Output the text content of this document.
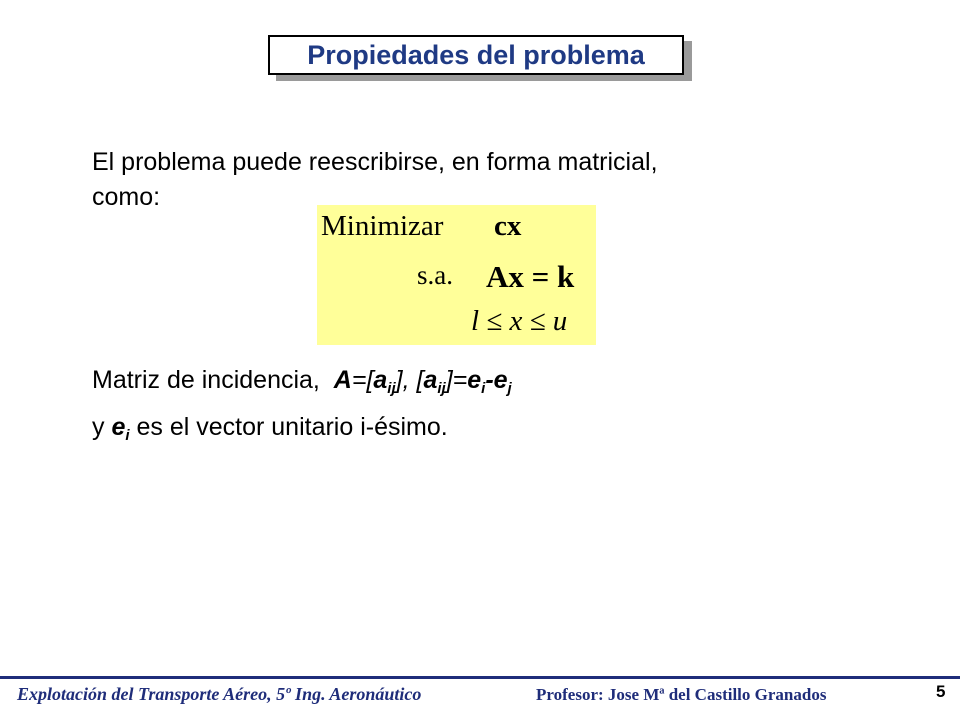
Propiedades del problema
El problema puede reescribirse, en forma matricial,
como:
Minimizar cx
s.a. Ax = k
l ≤ x ≤ u
Matriz de incidencia,  $A=[a_{ij}]$, $[a_{ij}]=e_i-e_j$
y $e_i$ es el vector unitario i-ésimo.
Explotación del Transporte Aéreo, 5º Ing. Aeronáutico	Profesor: Jose Mª del Castillo Granados	5
